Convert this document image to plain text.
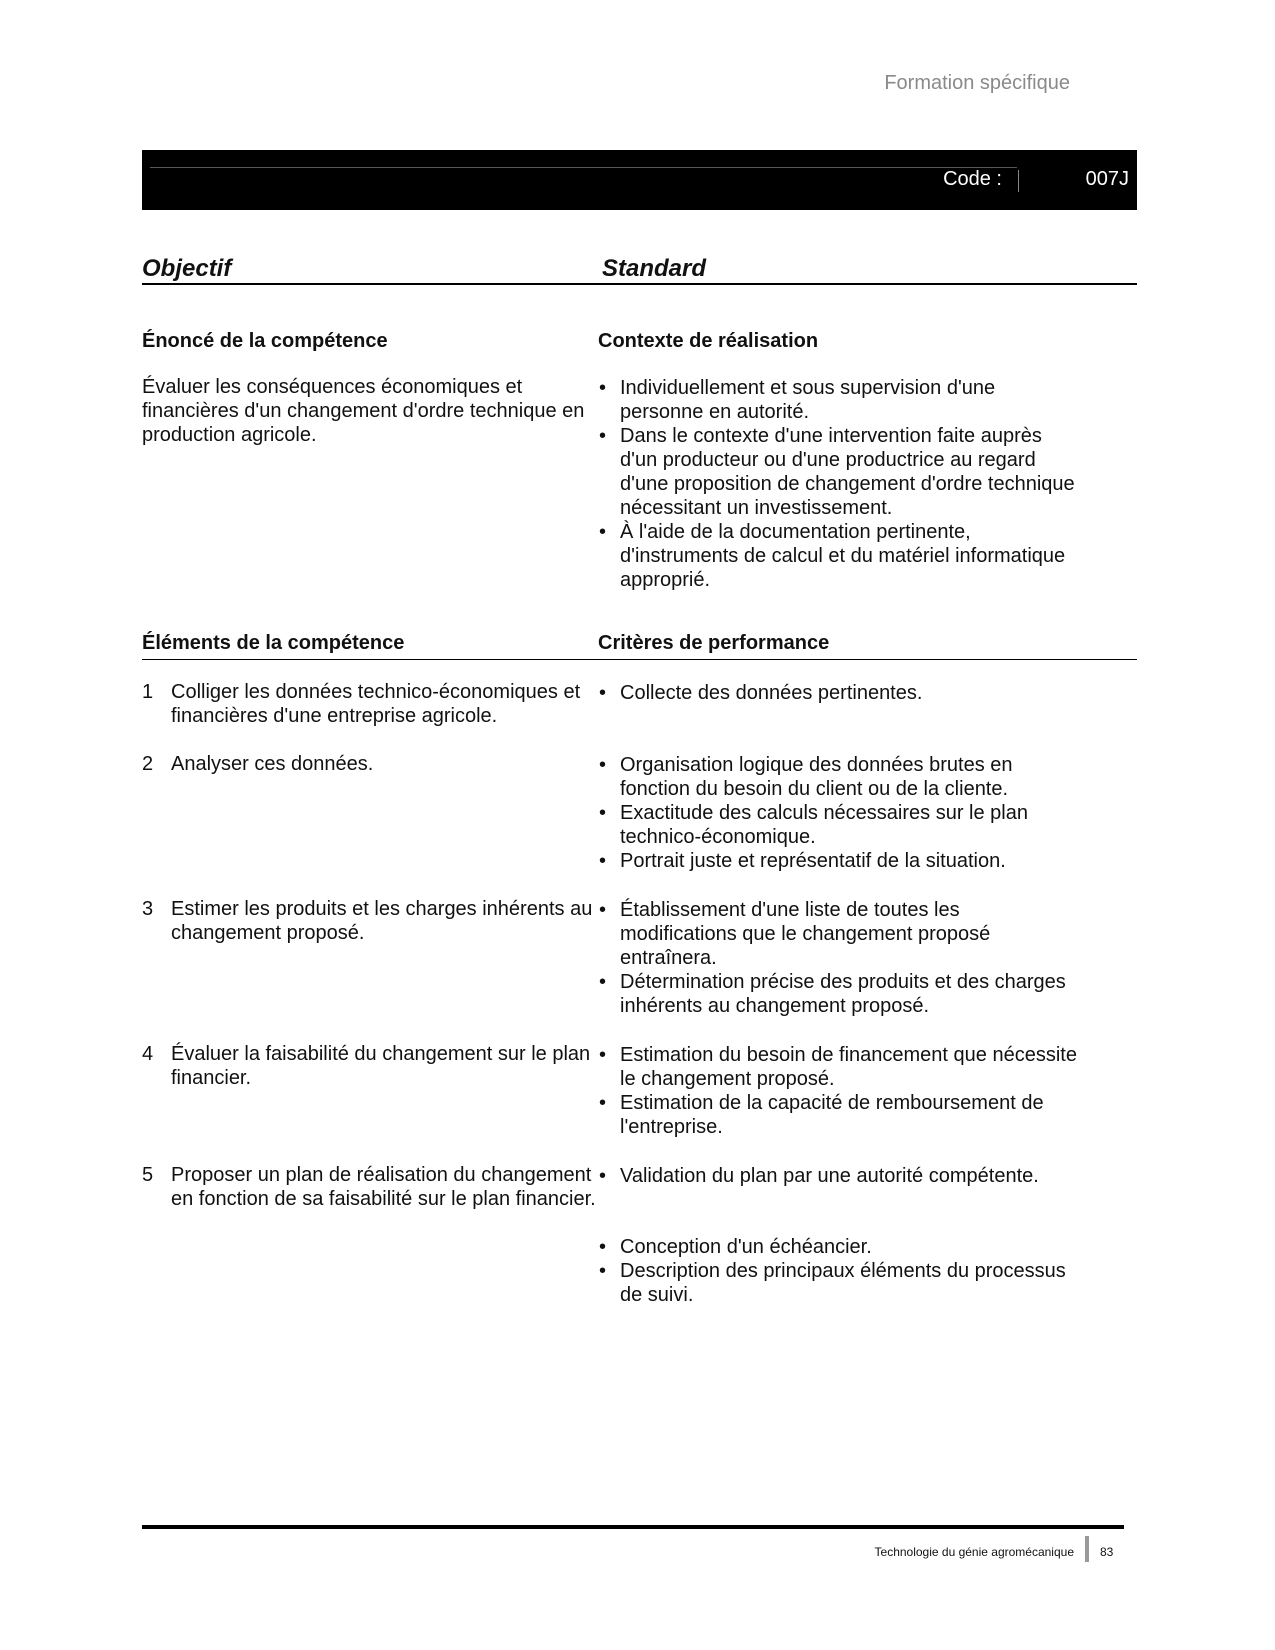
Formation spécifique
Code :	007J
Objectif	Standard
Énoncé de la compétence
Évaluer les conséquences économiques et financières d'un changement d'ordre technique en production agricole.
Contexte de réalisation
• Individuellement et sous supervision d'une personne en autorité.
• Dans le contexte d'une intervention faite auprès d'un producteur ou d'une productrice au regard d'une proposition de changement d'ordre technique nécessitant un investissement.
• À l'aide de la documentation pertinente, d'instruments de calcul et du matériel informatique approprié.
Éléments de la compétence	Critères de performance
1 Colliger les données technico-économiques et financières d'une entreprise agricole.
• Collecte des données pertinentes.
2 Analyser ces données.
•	Organisation logique des données brutes en fonction du besoin du client ou de la cliente.
• Exactitude des calculs nécessaires sur le plan technico-économique.
• Portrait juste et représentatif de la situation.
3 Estimer les produits et les charges inhérents au changement proposé.
• Établissement d'une liste de toutes les modifications que le changement proposé entraînera.
• Détermination précise des produits et des charges inhérents au changement proposé.
4 Évaluer la faisabilité du changement sur le plan financier.
• Estimation du besoin de financement que nécessite le changement proposé.
• Estimation de la capacité de remboursement de l'entreprise.
5 Proposer un plan de réalisation du changement en fonction de sa faisabilité sur le plan financier.
• Validation du plan par une autorité compétente.
• Conception d'un échéancier.
• Description des principaux éléments du processus de suivi.
Technologie du génie agromécanique 83
